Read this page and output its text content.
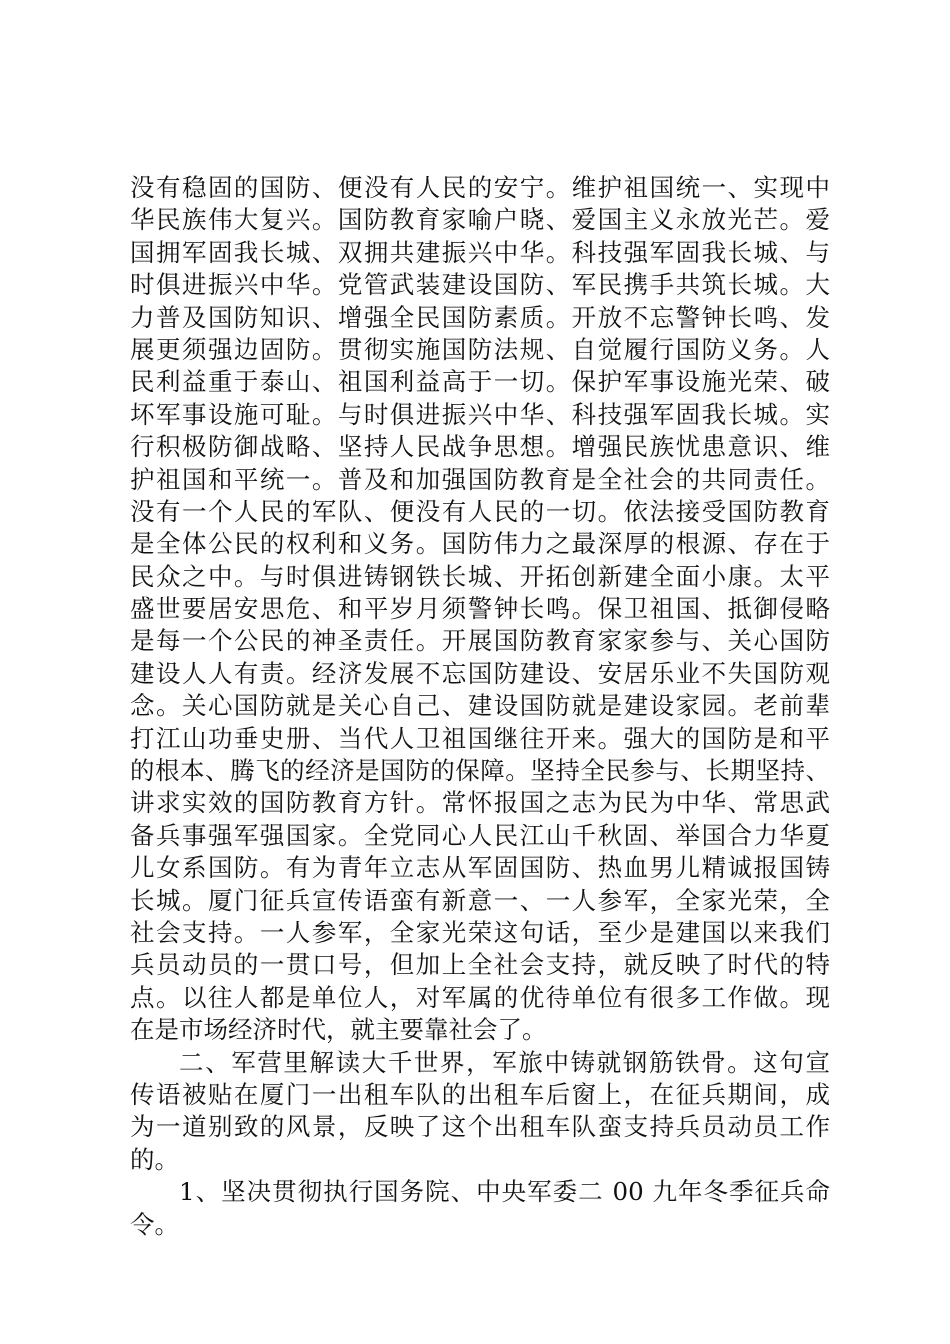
没有稳固的国防、便没有人民的安宁。维护祖国统一、实现中
华民族伟大复兴。国防教育家喻户晓、爱国主义永放光芒。爱
国拥军固我长城、双拥共建振兴中华。科技强军固我长城、与
时俱进振兴中华。党管武装建设国防、军民携手共筑长城。大
力普及国防知识、增强全民国防素质。开放不忘警钟长鸣、发
展更须强边固防。贯彻实施国防法规、自觉履行国防义务。人
民利益重于泰山、祖国利益高于一切。保护军事设施光荣、破
坏军事设施可耻。与时俱进振兴中华、科技强军固我长城。实
行积极防御战略、坚持人民战争思想。增强民族忧患意识、维
护祖国和平统一。普及和加强国防教育是全社会的共同责任。
没有一个人民的军队、便没有人民的一切。依法接受国防教育
是全体公民的权利和义务。国防伟力之最深厚的根源、存在于
民众之中。与时俱进铸钢铁长城、开拓创新建全面小康。太平
盛世要居安思危、和平岁月须警钟长鸣。保卫祖国、抵御侵略
是每一个公民的神圣责任。开展国防教育家家参与、关心国防
建设人人有责。经济发展不忘国防建设、安居乐业不失国防观
念。关心国防就是关心自己、建设国防就是建设家园。老前辈
打江山功垂史册、当代人卫祖国继往开来。强大的国防是和平
的根本、腾飞的经济是国防的保障。坚持全民参与、长期坚持、
讲求实效的国防教育方针。常怀报国之志为民为中华、常思武
备兵事强军强国家。全党同心人民江山千秋固、举国合力华夏
儿女系国防。有为青年立志从军固国防、热血男儿精诚报国铸
长城。厦门征兵宣传语蛮有新意一、一人参军，全家光荣，全
社会支持。一人参军，全家光荣这句话，至少是建国以来我们
兵员动员的一贯口号，但加上全社会支持，就反映了时代的特
点。以往人都是单位人，对军属的优待单位有很多工作做。现
在是市场经济时代，就主要靠社会了。
二、军营里解读大千世界，军旅中铸就钢筋铁骨。这句宣
传语被贴在厦门一出租车队的出租车后窗上，在征兵期间，成
为一道别致的风景，反映了这个出租车队蛮支持兵员动员工作
的。
1、坚决贯彻执行国务院、中央军委二 00 九年冬季征兵命
令。
